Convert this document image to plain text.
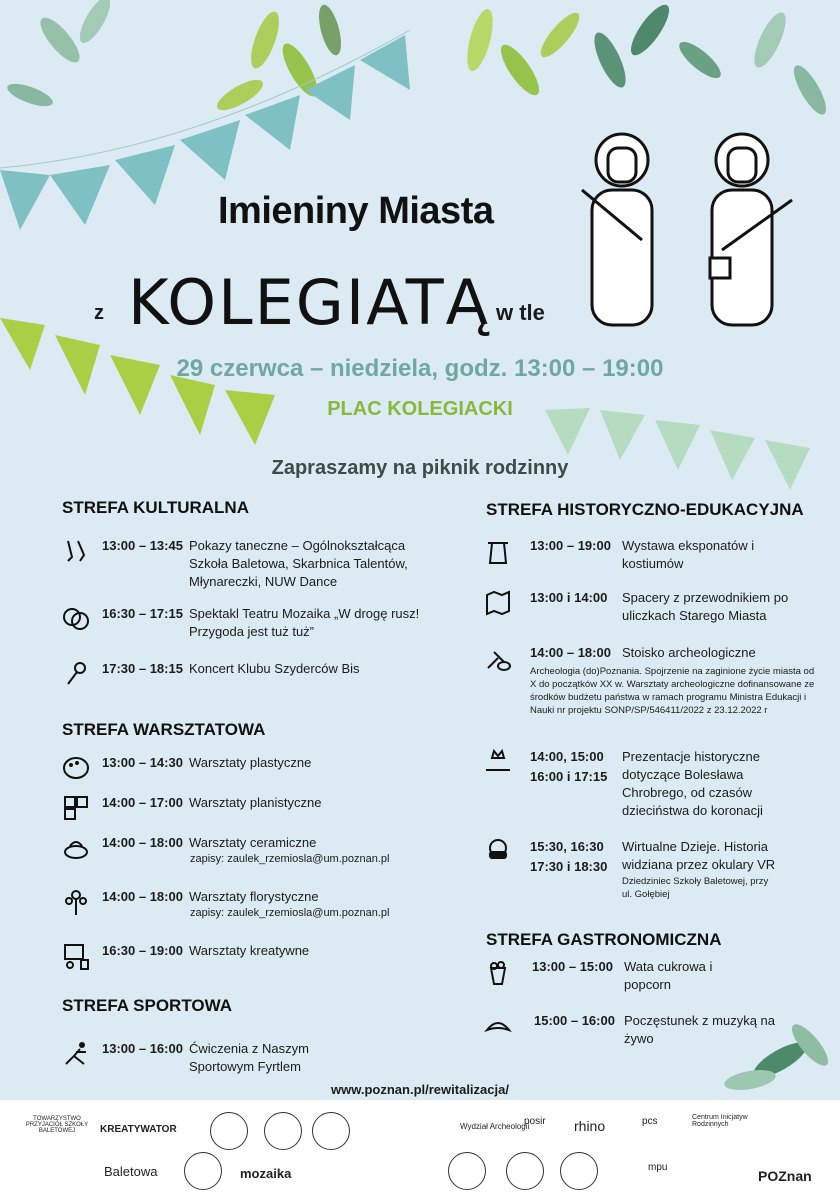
Imieniny Miasta
z KOLEGIATĄ w tle
29 czerwca – niedziela, godz. 13:00 – 19:00
PLAC KOLEGIACKI
Zapraszamy na piknik rodzinny
STREFA KULTURALNA
13:00 – 13:45 Pokazy taneczne – Ogólnokształcąca Szkoła Baletowa, Skarbnica Talentów, Młynareczki, NUW Dance
16:30 – 17:15 Spektakl Teatru Mozaika „W drogę rusz! Przygoda jest tuż tuż”
17:30 – 18:15 Koncert Klubu Szyderców Bis
STREFA WARSZTATOWA
13:00 – 14:30 Warsztaty plastyczne
14:00 – 17:00 Warsztaty planistyczne
14:00 – 18:00 Warsztaty ceramiczne
zapisy: zaulek_rzemiosla@um.poznan.pl
14:00 – 18:00 Warsztaty florystyczne
zapisy: zaulek_rzemiosla@um.poznan.pl
16:30 – 19:00 Warsztaty kreatywne
STREFA SPORTOWA
13:00 – 16:00 Ćwiczenia z Naszym Sportowym Fyrtlem
STREFA HISTORYCZNO-EDUKACYJNA
13:00 – 19:00 Wystawa eksponatów i kostiumów
13:00 i 14:00 Spacery z przewodnikiem po uliczkach Starego Miasta
14:00 – 18:00 Stoisko archeologiczne
Archeologia (do)Poznania. Spojrzenie na zaginione życie miasta od X do początków XX w. Warsztaty archeologiczne dofinansowane ze środków budżetu państwa w ramach programu Ministra Edukacji i Nauki nr projektu SONP/SP/546411/2022 z 23.12.2022 r
14:00, 15:00
16:00 i 17:15
Prezentacje historyczne dotyczące Bolesława Chrobrego, od czasów dzieciństwa do koronacji
15:30, 16:30
17:30 i 18:30
Wirtualne Dzieje. Historia widziana przez okulary VR
Dziedziniec Szkoły Baletowej, przy ul. Gołębiej
STREFA GASTRONOMICZNA
13:00 – 15:00 Wata cukrowa i popcorn
15:00 – 16:00 Poczęstunek z muzyką na żywo
www.poznan.pl/rewitalizacja/
TOWARZYSTWO PRZYJACIÓŁ SZKOŁY BALETOWEJ	KREATYWATOR
mozaika
Baletowa
Wydział Archeologii
posir rhino	pcs	Centrum Inicjatyw Rodzinnych
mpu
POZnan
